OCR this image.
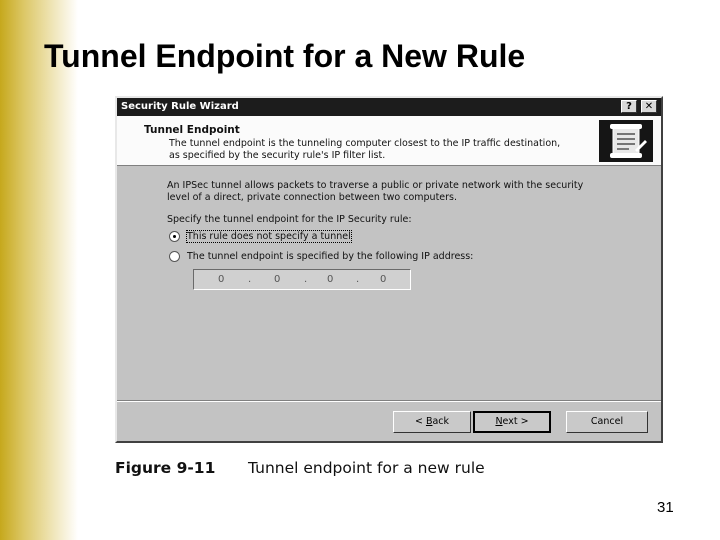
Tunnel Endpoint for a New Rule
Security Rule Wizard	?	✕
Tunnel Endpoint
The tunnel endpoint is the tunneling computer closest to the IP traffic destination,
as specified by the security rule's IP filter list.
An IPSec tunnel allows packets to traverse a public or private network with the security
level of a direct, private connection between two computers.
Specify the tunnel endpoint for the IP Security rule:
This rule does not specify a tunnel
The tunnel endpoint is specified by the following IP address:
0 . 0 . 0 . 0
< Back	Next >	Cancel
Figure 9-11 Tunnel endpoint for a new rule
31
